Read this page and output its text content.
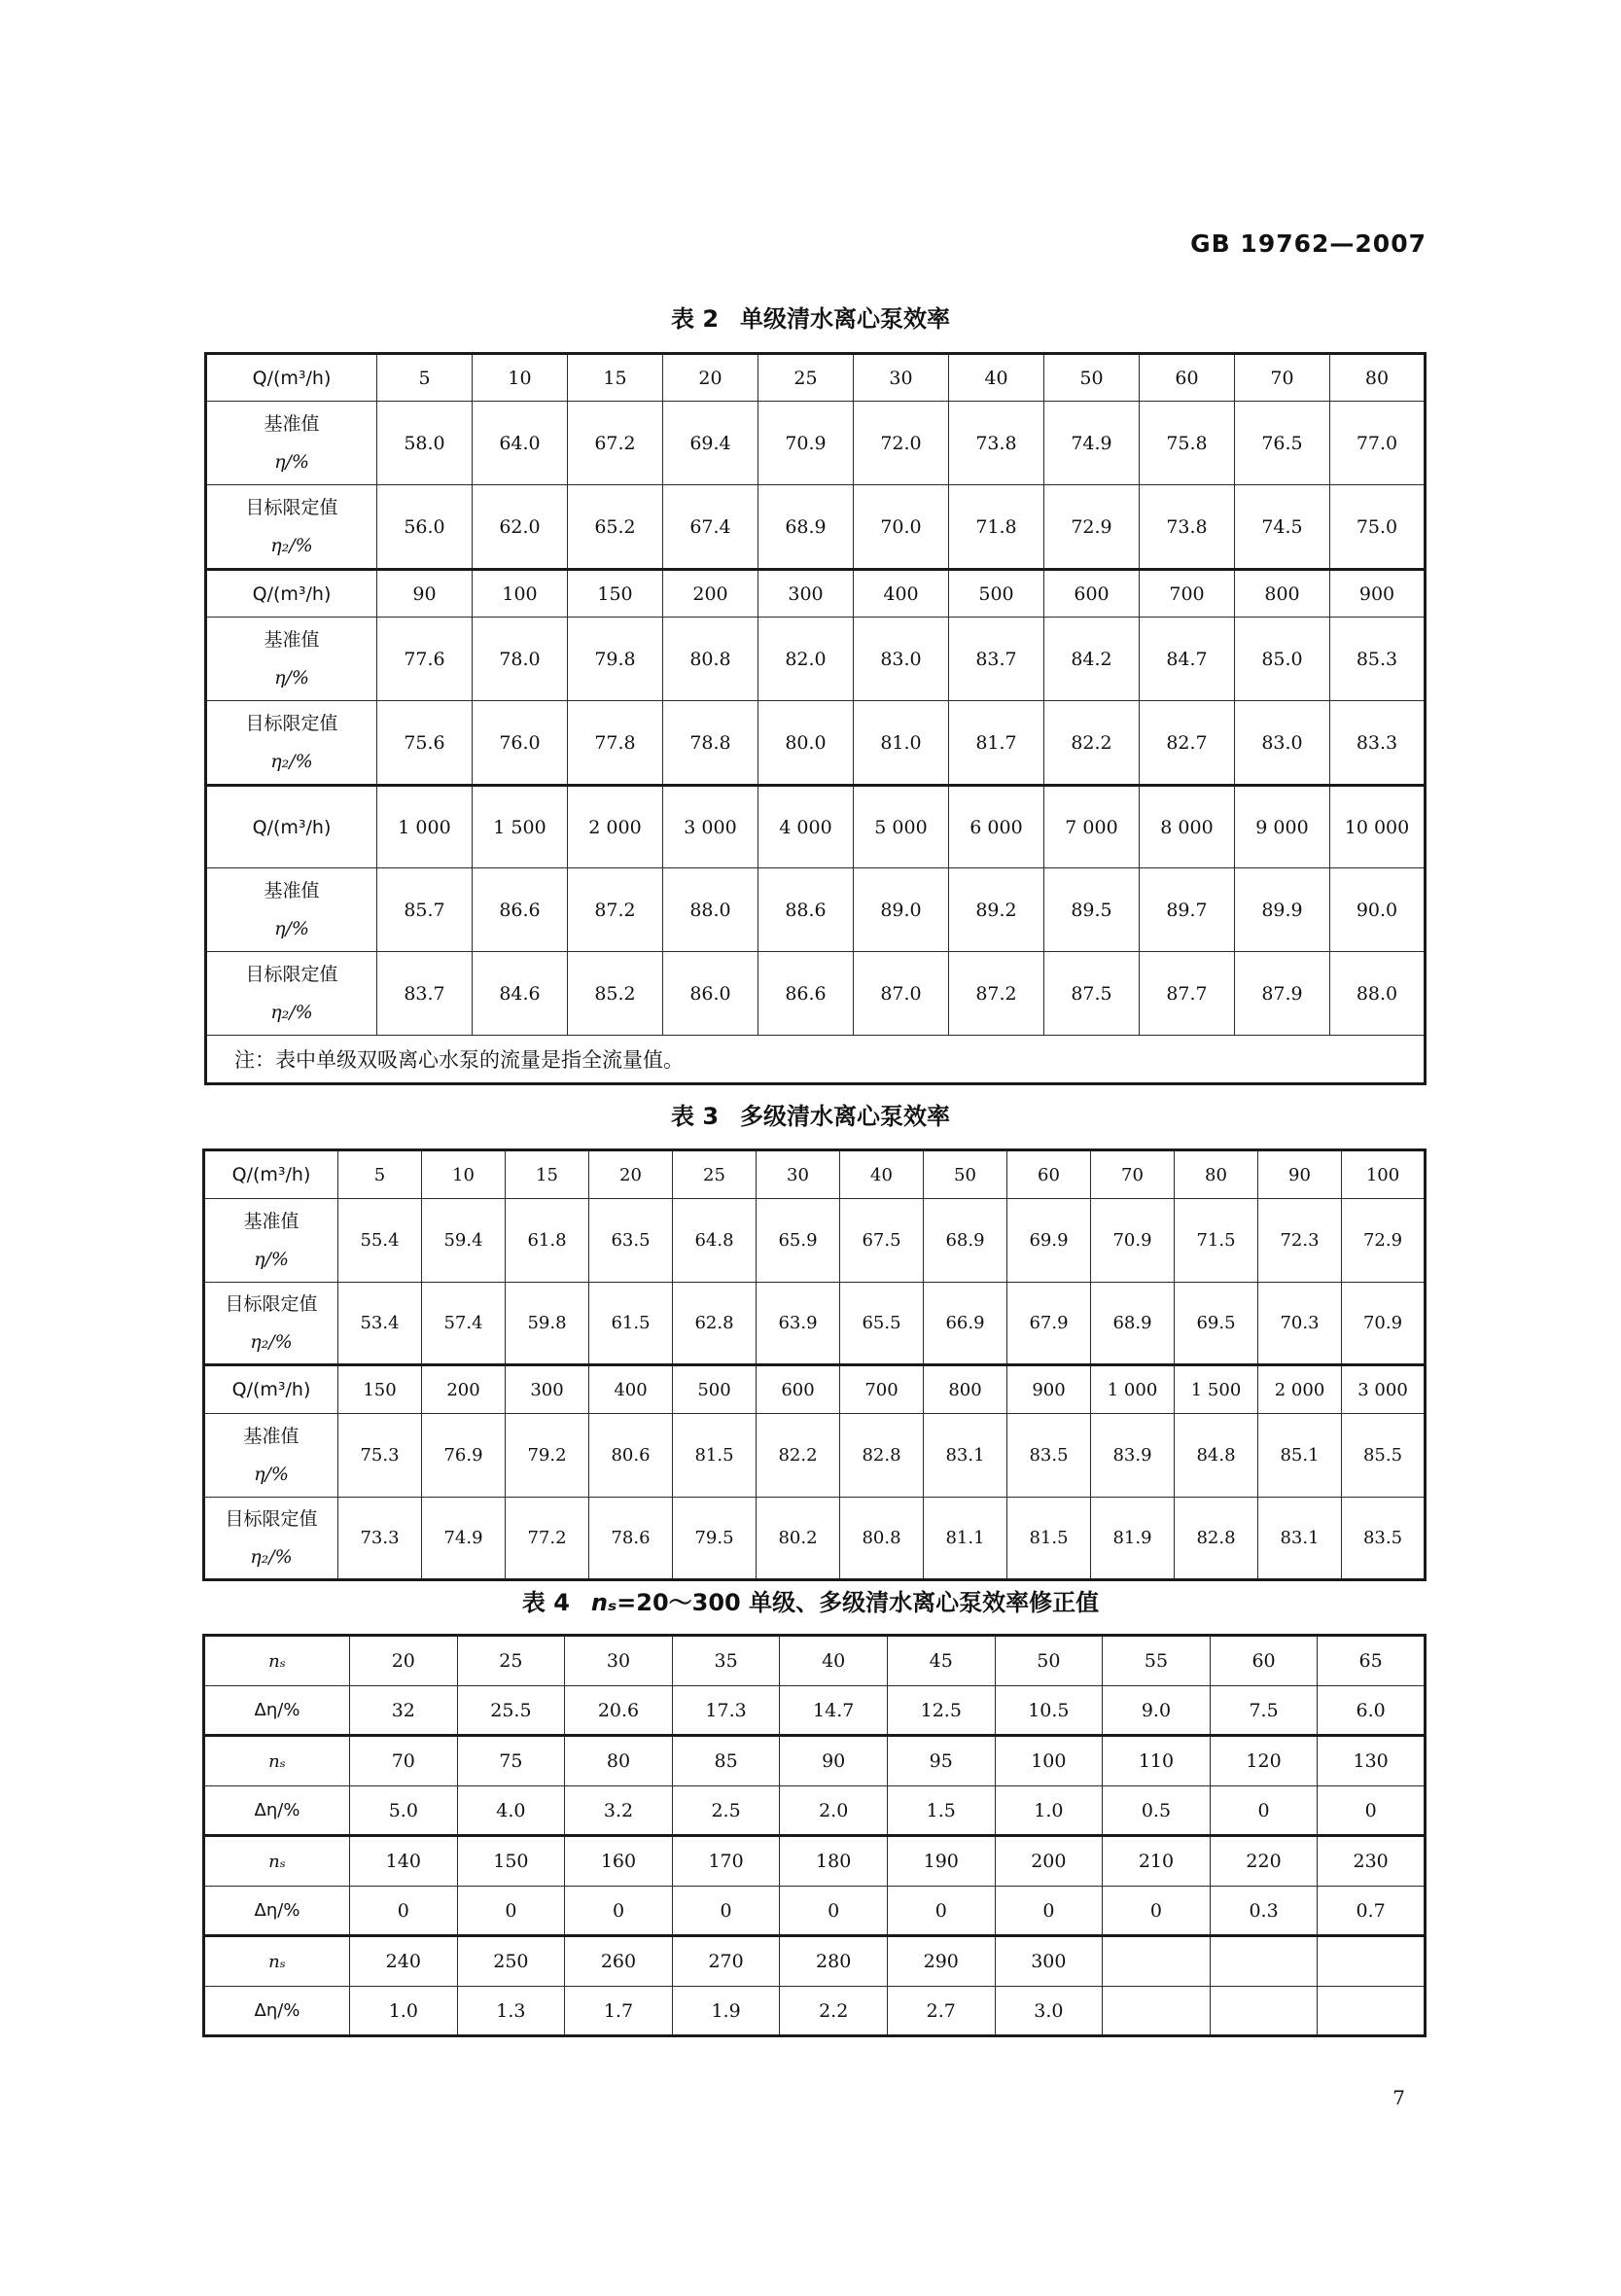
GB 19762—2007
表 2 单级清水离心泵效率
Q/(m³/h)	5	10	15	20	25	30	40	50	60	70	80

基准值
η/%	58.0	64.0	67.2	69.4	70.9	72.0	73.8	74.9	75.8	76.5	77.0

目标限定值
η₂/%	56.0	62.0	65.2	67.4	68.9	70.0	71.8	72.9	73.8	74.5	75.0
Q/(m³/h)	90	100	150	200	300	400	500	600	700	800	900

基准值
η/%	77.6	78.0	79.8	80.8	82.0	83.0	83.7	84.2	84.7	85.0	85.3

目标限定值
η₂/%	75.6	76.0	77.8	78.8	80.0	81.0	81.7	82.2	82.7	83.0	83.3
Q/(m³/h)	1 000	1 500	2 000	3 000	4 000	5 000	6 000	7 000	8 000	9 000	10 000

基准值
η/%	85.7	86.6	87.2	88.0	88.6	89.0	89.2	89.5	89.7	89.9	90.0

目标限定值
η₂/%	83.7	84.6	85.2	86.0	86.6	87.0	87.2	87.5	87.7	87.9	88.0
注：表中单级双吸离心水泵的流量是指全流量值。											
表 3 多级清水离心泵效率
Q/(m³/h)	5	10	15	20	25	30	40	50	60	70	80	90	100

基准值
η/%	55.4	59.4	61.8	63.5	64.8	65.9	67.5	68.9	69.9	70.9	71.5	72.3	72.9

目标限定值
η₂/%	53.4	57.4	59.8	61.5	62.8	63.9	65.5	66.9	67.9	68.9	69.5	70.3	70.9
Q/(m³/h)	150	200	300	400	500	600	700	800	900	1 000	1 500	2 000	3 000

基准值
η/%	75.3	76.9	79.2	80.6	81.5	82.2	82.8	83.1	83.5	83.9	84.8	85.1	85.5

目标限定值
η₂/%	73.3	74.9	77.2	78.6	79.5	80.2	80.8	81.1	81.5	81.9	82.8	83.1	83.5
表 4 nₛ=20～300 单级、多级清水离心泵效率修正值
nₛ	20	25	30	35	40	45	50	55	60	65
Δη/%	32	25.5	20.6	17.3	14.7	12.5	10.5	9.0	7.5	6.0
nₛ	70	75	80	85	90	95	100	110	120	130
Δη/%	5.0	4.0	3.2	2.5	2.0	1.5	1.0	0.5	0	0
nₛ	140	150	160	170	180	190	200	210	220	230
Δη/%	0	0	0	0	0	0	0	0	0.3	0.7
nₛ	240	250	260	270	280	290	300			
Δη/%	1.0	1.3	1.7	1.9	2.2	2.7	3.0			
7
